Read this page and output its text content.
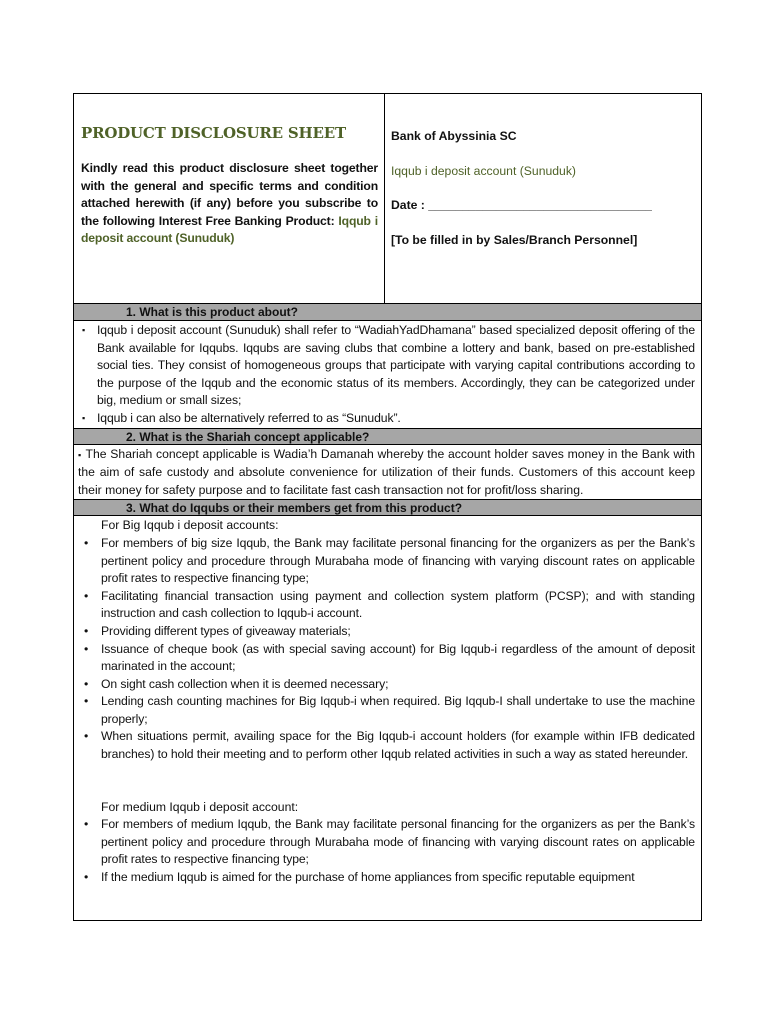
PRODUCT DISCLOSURE SHEET

Kindly read this product disclosure sheet together with the general and specific terms and condition attached herewith (if any) before you subscribe to the following Interest Free Banking Product: Iqqub i deposit account (Sunuduk)

Bank of Abyssinia SC

Iqqub i deposit account (Sunuduk)

Date : _________________________________

[To be filled in by Sales/Branch Personnel]

1. What is this product about?
▪ Iqqub i deposit account (Sunuduk) shall refer to “WadiahYadDhamana” based specialized deposit offering of the Bank available for Iqqubs. Iqqubs are saving clubs that combine a lottery and bank, based on pre-established social ties. They consist of homogeneous groups that participate with varying capital contributions according to the purpose of the Iqqub and the economic status of its members. Accordingly, they can be categorized under big, medium or small sizes;
▪ Iqqub i can also be alternatively referred to as “Sunuduk”.
2. What is the Shariah concept applicable?
▪ The Shariah concept applicable is Wadia’h Damanah whereby the account holder saves money in the Bank with the aim of safe custody and absolute convenience for utilization of their funds. Customers of this account keep their money for safety purpose and to facilitate fast cash transaction not for profit/loss sharing.
3. What do Iqqubs or their members get from this product?

For Big Iqqub i deposit accounts:

• For members of big size Iqqub, the Bank may facilitate personal financing for the organizers as per the Bank’s pertinent policy and procedure through Murabaha mode of financing with varying discount rates on applicable profit rates to respective financing type;
• Facilitating financial transaction using payment and collection system platform (PCSP); and with standing instruction and cash collection to Iqqub-i account.
• Providing different types of giveaway materials;
• Issuance of cheque book (as with special saving account) for Big Iqqub-i regardless of the amount of deposit marinated in the account;
• On sight cash collection when it is deemed necessary;
• Lending cash counting machines for Big Iqqub-i when required. Big Iqqub-I shall undertake to use the machine properly;
• When situations permit, availing space for the Big Iqqub-i account holders (for example within IFB dedicated branches) to hold their meeting and to perform other Iqqub related activities in such a way as stated hereunder.

For medium Iqqub i deposit account:

• For members of medium Iqqub, the Bank may facilitate personal financing for the organizers as per the Bank’s pertinent policy and procedure through Murabaha mode of financing with varying discount rates on applicable profit rates to respective financing type;
• If the medium Iqqub is aimed for the purchase of home appliances from specific reputable equipment
